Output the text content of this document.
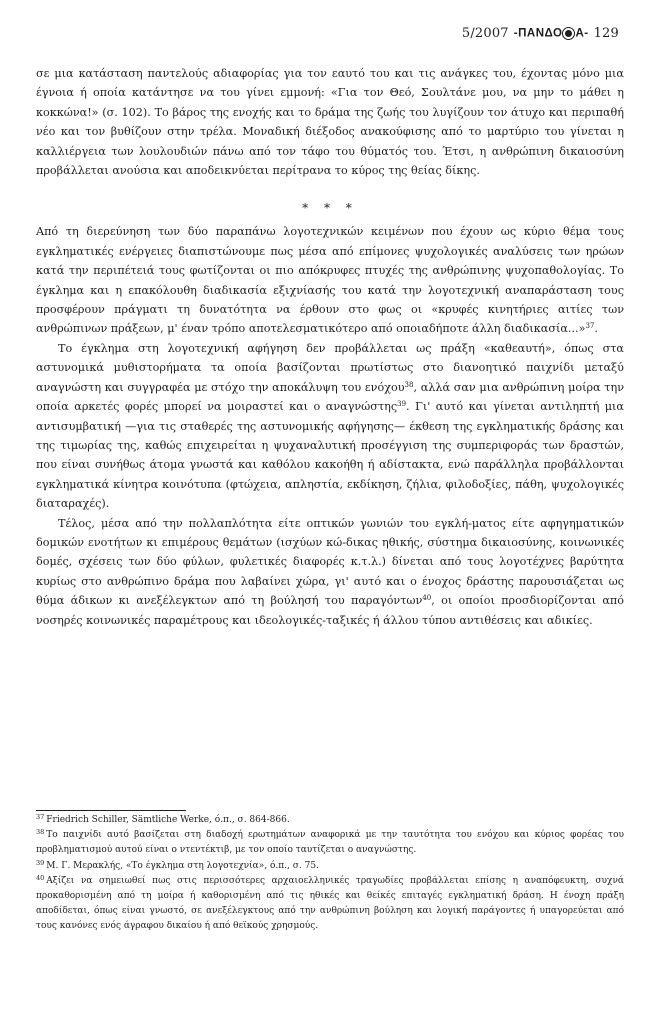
5/2007 -ΠΑΝΔΟ Α- 129

σε μια κατάσταση παντελούς αδιαφορίας για τον εαυτό του και τις ανάγκες του, έχοντας μόνο μια έγνοια ή οποία κατάντησε να του γίνει εμμονή: «Για τον Θεό, Σουλτάνε μου, να μην το μάθει η κοκκώνα!» (σ. 102). Το βάρος της ενοχής και το δράμα της ζωής του λυγίζουν τον άτυχο και περιπαθή νέο και τον βυθίζουν στην τρέλα. Μοναδική διέξοδος ανακούφισης από το μαρτύριο του γίνεται η καλλιέργεια των λουλουδιών πάνω από τον τάφο του θύματός του. Έτσι, η ανθρώπινη δικαιοσύνη προβάλλεται ανούσια και αποδεικνύεται περίτρανα το κύρος της θείας δίκης.

* * *

Από τη διερεύνηση των δύο παραπάνω λογοτεχνικών κειμένων που έχουν ως κύριο θέμα τους εγκληματικές ενέργειες διαπιστώνουμε πως μέσα από επίμονες ψυχολογικές αναλύσεις των ηρώων κατά την περιπέτειά τους φωτίζονται οι πιο απόκρυφες πτυχές της ανθρώπινης ψυχοπαθολογίας. Το έγκλημα και η επακόλουθη διαδικασία εξιχνίασής του κατά την λογοτεχνική αναπαράσταση τους προσφέρουν πράγματι τη δυνατότητα να έρθουν στο φως οι «κρυφές κινητήριες αιτίες των ανθρώπινων πράξεων, μ' έναν τρόπο αποτελεσματικότερο από οποιαδήποτε άλλη διαδικασία...»$^{37}$.

Το έγκλημα στη λογοτεχνική αφήγηση δεν προβάλλεται ως πράξη «καθεαυτή», όπως στα αστυνομικά μυθιστορήματα τα οποία βασίζονται πρωτίστως στο διανοητικό παιχνίδι μεταξύ αναγνώστη και συγγραφέα με στόχο την αποκάλυψη του ενόχου$^{38}$, αλλά σαν μια ανθρώπινη μοίρα την οποία αρκετές φορές μπορεί να μοιραστεί και ο αναγνώστης$^{39}$. Γι' αυτό και γίνεται αντιληπτή μια αντισυμβατική —για τις σταθερές της αστυνομικής αφήγησης— έκθεση της εγκληματικής δράσης και της τιμωρίας της, καθώς επιχειρείται η ψυχαναλυτική προσέγγιση της συμπεριφοράς των δραστών, που είναι συνήθως άτομα γνωστά και καθόλου κακοήθη ή αδίστακτα, ενώ παράλληλα προβάλλονται εγκληματικά κίνητρα κοινότυπα (φτώχεια, απληστία, εκδίκηση, ζήλια, φιλοδοξίες, πάθη, ψυχολογικές διαταραχές).

Τέλος, μέσα από την πολλαπλότητα είτε οπτικών γωνιών του εγκλή-ματος είτε αφηγηματικών δομικών ενοτήτων κι επιμέρους θεμάτων (ισχύων κώ-δικας ηθικής, σύστημα δικαιοσύνης, κοινωνικές δομές, σχέσεις των δύο φύλων, φυλετικές διαφορές κ.τ.λ.) δίνεται από τους λογοτέχνες βαρύτητα κυρίως στο ανθρώπινο δράμα που λαβαίνει χώρα, γι' αυτό και ο ένοχος δράστης παρουσιάζεται ως θύμα άδικων κι ανεξέλεγκτων από τη βούλησή του παραγόντων$^{40}$, οι οποίοι προσδιορίζονται από νοσηρές κοινωνικές παραμέτρους και ιδεολογικές-ταξικές ή άλλου τύπου αντιθέσεις και αδικίες.

$^{37}$ Friedrich Schiller, Sämtliche Werke, ό.π., σ. 864-866.

$^{38}$ Το παιχνίδι αυτό βασίζεται στη διαδοχή ερωτημάτων αναφορικά με την ταυτότητα του ενόχου και κύριος φορέας του προβληματισμού αυτού είναι ο ντεντέκτιβ, με τον οποίο ταυτίζεται ο αναγνώστης.

$^{39}$ Μ. Γ. Μερακλής, «Το έγκλημα στη λογοτεχνία», ό.π., σ. 75.

$^{40}$ Αξίζει να σημειωθεί πως στις περισσότερες αρχαιοελληνικές τραγωδίες προβάλλεται επίσης η αναπόφευκτη, συχνά προκαθορισμένη από τη μοίρα ή καθορισμένη από τις ηθικές και θείκές επιταγές εγκληματική δράση. Η ένοχη πράξη αποδίδεται, όπως είναι γνωστό, σε ανεξέλεγκτους από την ανθρώπινη βούληση και λογική παράγοντες ή υπαγορεύεται από τους κανόνες ενός άγραφου δικαίου ή από θεϊκούς χρησμούς.
